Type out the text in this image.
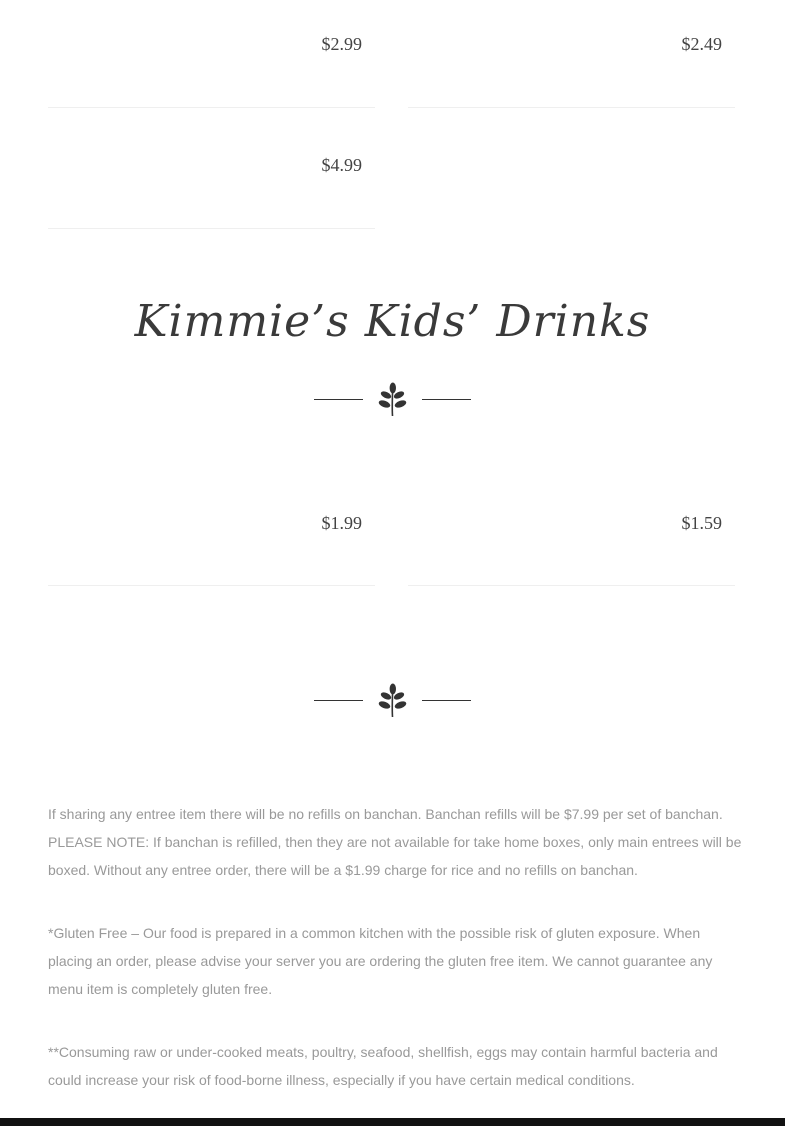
$2.99	$2.49
$4.99
Kimmie’s Kids’ Drinks
$1.99	$1.59

If sharing any entree item there will be no refills on banchan. Banchan refills will be $7.99 per set of banchan. PLEASE NOTE: If banchan is refilled, then they are not available for take home boxes, only main entrees will be boxed. Without any entree order, there will be a $1.99 charge for rice and no refills on banchan.

*Gluten Free – Our food is prepared in a common kitchen with the possible risk of gluten exposure. When placing an order, please advise your server you are ordering the gluten free item. We cannot guarantee any menu item is completely gluten free.

**Consuming raw or under-cooked meats, poultry, seafood, shellfish, eggs may contain harmful bacteria and could increase your risk of food-borne illness, especially if you have certain medical conditions.
